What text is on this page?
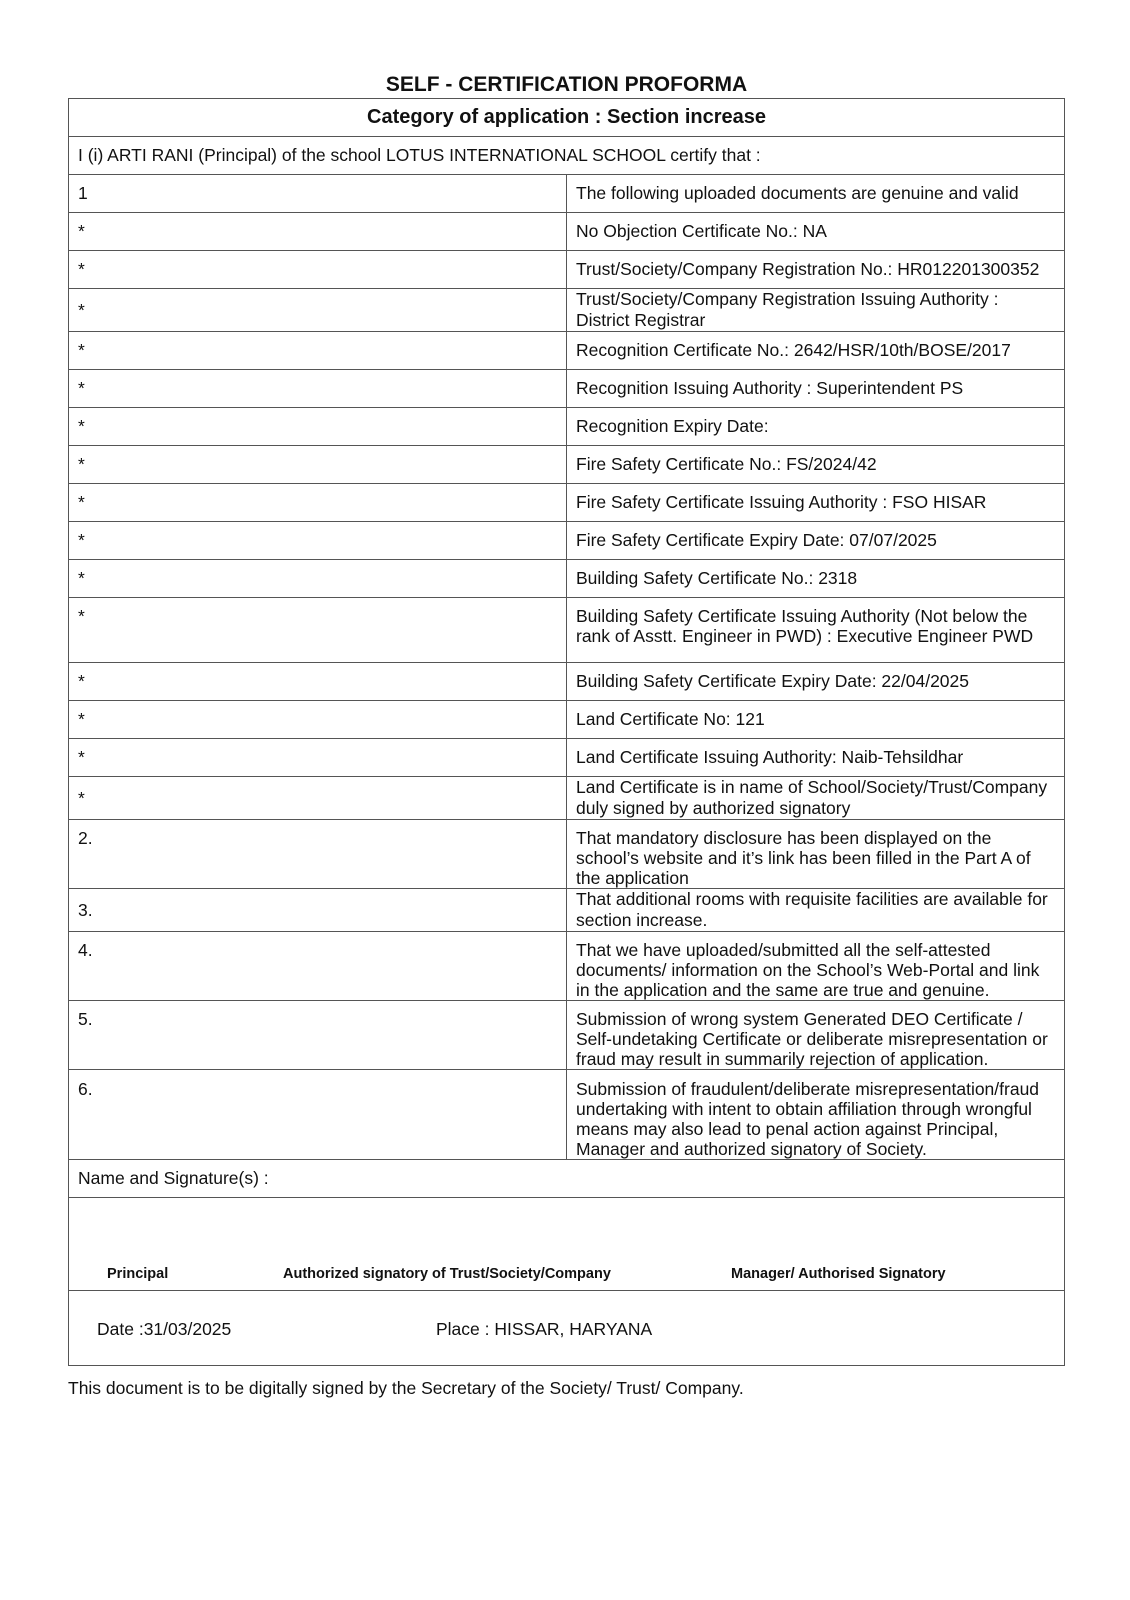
SELF - CERTIFICATION PROFORMA
Category of application : Section increase	
I (i) ARTI RANI (Principal) of the school LOTUS INTERNATIONAL SCHOOL certify that :	
1	The following uploaded documents are genuine and valid
*	No Objection Certificate No.: NA
*	Trust/Society/Company Registration No.: HR012201300352
*	Trust/Society/Company Registration Issuing Authority : District Registrar
*	Recognition Certificate No.: 2642/HSR/10th/BOSE/2017
*	Recognition Issuing Authority : Superintendent PS
*	Recognition Expiry Date:
*	Fire Safety Certificate No.: FS/2024/42
*	Fire Safety Certificate Issuing Authority : FSO HISAR
*	Fire Safety Certificate Expiry Date: 07/07/2025
*	Building Safety Certificate No.: 2318
*	Building Safety Certificate Issuing Authority (Not below the rank of Asstt. Engineer in PWD) : Executive Engineer PWD
*	Building Safety Certificate Expiry Date: 22/04/2025
*	Land Certificate No: 121
*	Land Certificate Issuing Authority: Naib-Tehsildhar
*	Land Certificate is in name of School/Society/Trust/Company duly signed by authorized signatory
2.	That mandatory disclosure has been displayed on the school’s website and it’s link has been filled in the Part A of the application
3.	That additional rooms with requisite facilities are available for section increase.
4.	That we have uploaded/submitted all the self-attested documents/ information on the School’s Web-Portal and link in the application and the same are true and genuine.
5.	Submission of wrong system Generated DEO Certificate / Self-undetaking Certificate or deliberate misrepresentation or fraud may result in summarily rejection of application.
6.	Submission of fraudulent/deliberate misrepresentation/fraud undertaking with intent to obtain affiliation through wrongful means may also lead to penal action against Principal, Manager and authorized signatory of Society.
Name and Signature(s) :	

Principal Authorized signatory of Trust/Society/Company Manager/ Authorised Signatory	

Date :31/03/2025 Place : HISSAR, HARYANA	
This document is to be digitally signed by the Secretary of the Society/ Trust/ Company.
